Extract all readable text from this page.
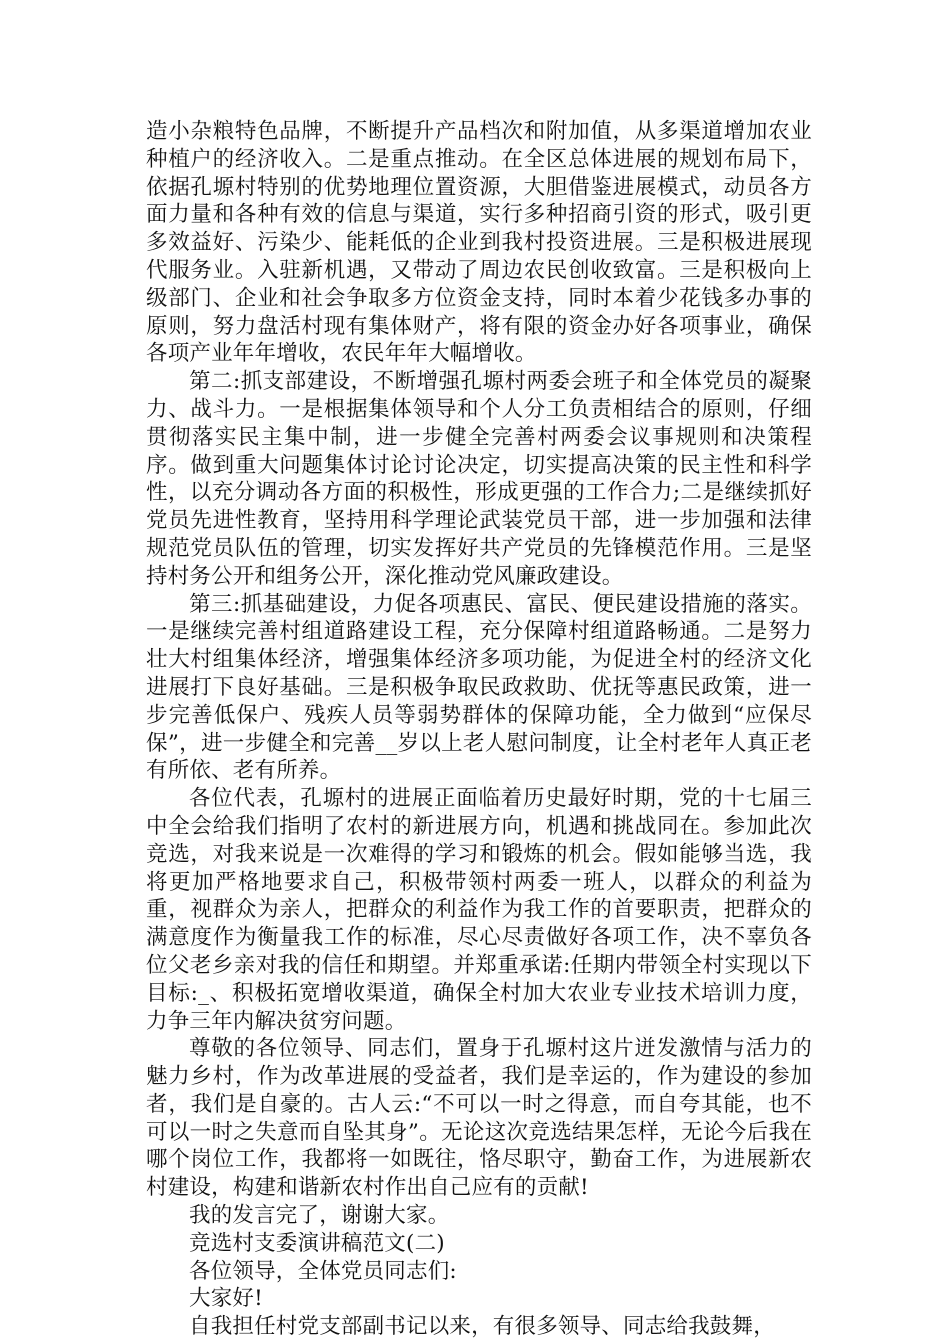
造小杂粮特色品牌，不断提升产品档次和附加值，从多渠道增加农业种植户的经济收入。二是重点推动。在全区总体进展的规划布局下，依据孔塬村特别的优势地理位置资源，大胆借鉴进展模式，动员各方面力量和各种有效的信息与渠道，实行多种招商引资的形式，吸引更多效益好、污染少、能耗低的企业到我村投资进展。三是积极进展现代服务业。入驻新机遇，又带动了周边农民创收致富。三是积极向上级部门、企业和社会争取多方位资金支持，同时本着少花钱多办事的原则，努力盘活村现有集体财产，将有限的资金办好各项事业，确保各项产业年年增收，农民年年大幅增收。

第二:抓支部建设，不断增强孔塬村两委会班子和全体党员的凝聚力、战斗力。一是根据集体领导和个人分工负责相结合的原则，仔细贯彻落实民主集中制，进一步健全完善村两委会议事规则和决策程序。做到重大问题集体讨论讨论决定，切实提高决策的民主性和科学性，以充分调动各方面的积极性，形成更强的工作合力;二是继续抓好党员先进性教育，坚持用科学理论武装党员干部，进一步加强和法律规范党员队伍的管理，切实发挥好共产党员的先锋模范作用。三是坚持村务公开和组务公开，深化推动党风廉政建设。

第三:抓基础建设，力促各项惠民、富民、便民建设措施的落实。一是继续完善村组道路建设工程，充分保障村组道路畅通。二是努力壮大村组集体经济，增强集体经济多项功能，为促进全村的经济文化进展打下良好基础。三是积极争取民政救助、优抚等惠民政策，进一步完善低保户、残疾人员等弱势群体的保障功能，全力做到“应保尽保”，进一步健全和完善__岁以上老人慰问制度，让全村老年人真正老有所依、老有所养。

各位代表，孔塬村的进展正面临着历史最好时期，党的十七届三中全会给我们指明了农村的新进展方向，机遇和挑战同在。参加此次竞选，对我来说是一次难得的学习和锻炼的机会。假如能够当选，我将更加严格地要求自己，积极带领村两委一班人，以群众的利益为重，视群众为亲人，把群众的利益作为我工作的首要职责，把群众的满意度作为衡量我工作的标准，尽心尽责做好各项工作，决不辜负各位父老乡亲对我的信任和期望。并郑重承诺:任期内带领全村实现以下目标:_、积极拓宽增收渠道，确保全村加大农业专业技术培训力度，力争三年内解决贫穷问题。

尊敬的各位领导、同志们，置身于孔塬村这片迸发激情与活力的魅力乡村，作为改革进展的受益者，我们是幸运的，作为建设的参加者，我们是自豪的。古人云:“不可以一时之得意，而自夸其能，也不可以一时之失意而自坠其身”。无论这次竞选结果怎样，无论今后我在哪个岗位工作，我都将一如既往，恪尽职守，勤奋工作，为进展新农村建设，构建和谐新农村作出自己应有的贡献!

我的发言完了，谢谢大家。

竞选村支委演讲稿范文(二)

各位领导，全体党员同志们:

大家好!

自我担任村党支部副书记以来，有很多领导、同志给我鼓舞，
